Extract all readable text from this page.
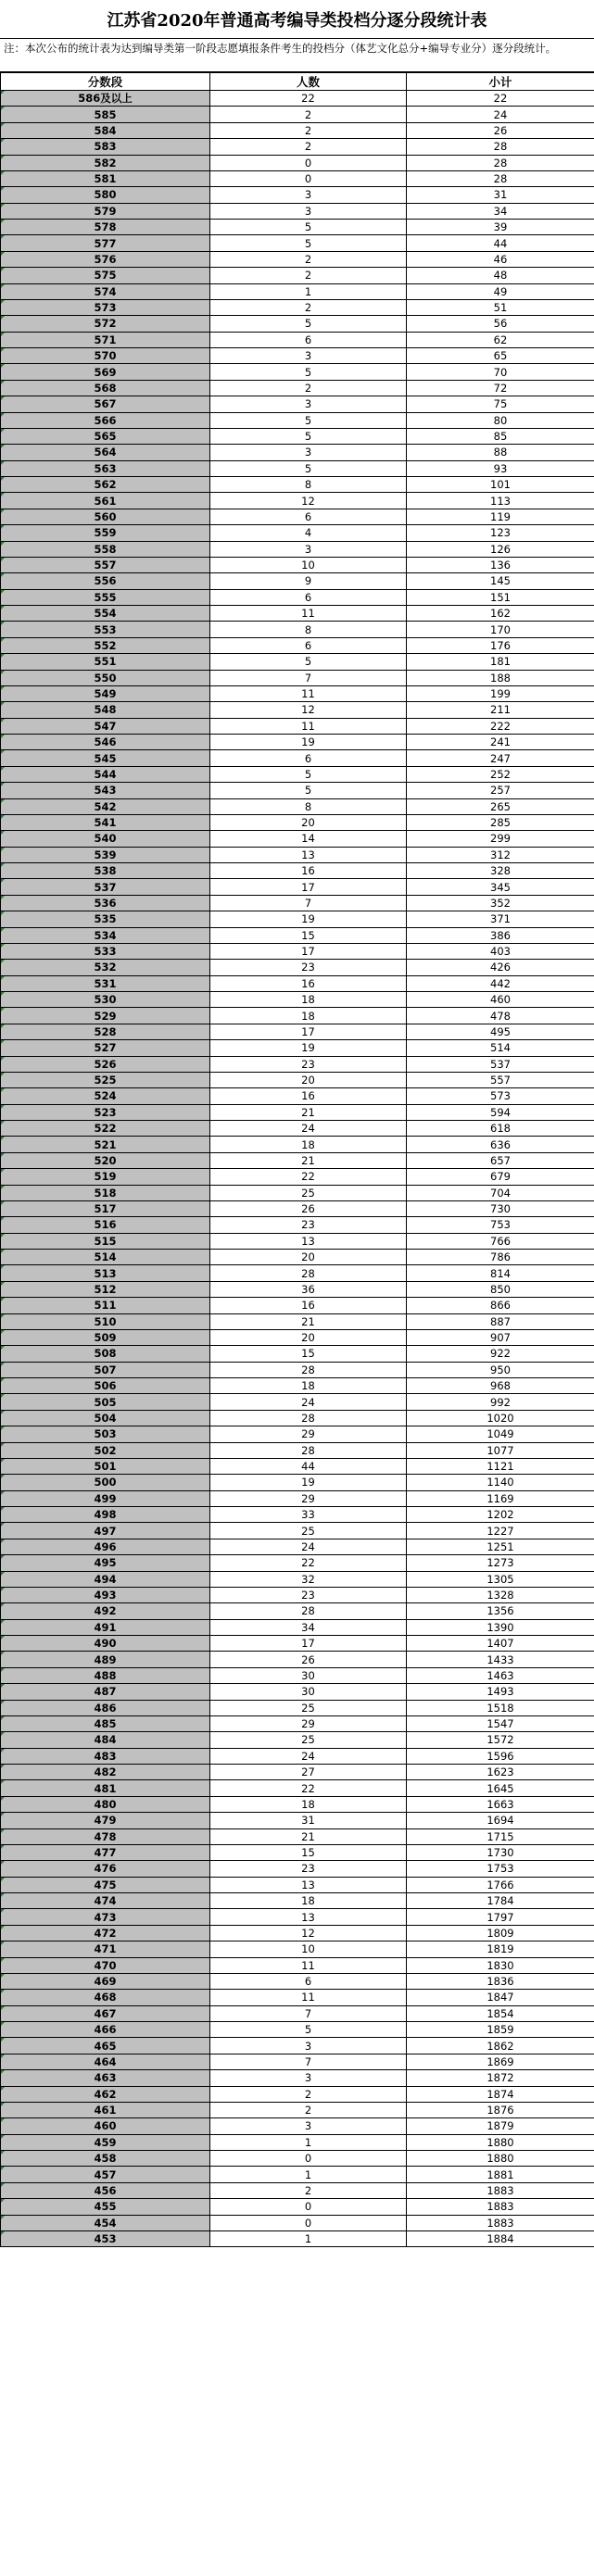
江苏省2020年普通高考编导类投档分逐分段统计表
注：本次公布的统计表为达到编导类第一阶段志愿填报条件考生的投档分（体艺文化总分+编导专业分）逐分段统计。
分数段	人数	小计
586及以上	22	22
585	2	24
584	2	26
583	2	28
582	0	28
581	0	28
580	3	31
579	3	34
578	5	39
577	5	44
576	2	46
575	2	48
574	1	49
573	2	51
572	5	56
571	6	62
570	3	65
569	5	70
568	2	72
567	3	75
566	5	80
565	5	85
564	3	88
563	5	93
562	8	101
561	12	113
560	6	119
559	4	123
558	3	126
557	10	136
556	9	145
555	6	151
554	11	162
553	8	170
552	6	176
551	5	181
550	7	188
549	11	199
548	12	211
547	11	222
546	19	241
545	6	247
544	5	252
543	5	257
542	8	265
541	20	285
540	14	299
539	13	312
538	16	328
537	17	345
536	7	352
535	19	371
534	15	386
533	17	403
532	23	426
531	16	442
530	18	460
529	18	478
528	17	495
527	19	514
526	23	537
525	20	557
524	16	573
523	21	594
522	24	618
521	18	636
520	21	657
519	22	679
518	25	704
517	26	730
516	23	753
515	13	766
514	20	786
513	28	814
512	36	850
511	16	866
510	21	887
509	20	907
508	15	922
507	28	950
506	18	968
505	24	992
504	28	1020
503	29	1049
502	28	1077
501	44	1121
500	19	1140
499	29	1169
498	33	1202
497	25	1227
496	24	1251
495	22	1273
494	32	1305
493	23	1328
492	28	1356
491	34	1390
490	17	1407
489	26	1433
488	30	1463
487	30	1493
486	25	1518
485	29	1547
484	25	1572
483	24	1596
482	27	1623
481	22	1645
480	18	1663
479	31	1694
478	21	1715
477	15	1730
476	23	1753
475	13	1766
474	18	1784
473	13	1797
472	12	1809
471	10	1819
470	11	1830
469	6	1836
468	11	1847
467	7	1854
466	5	1859
465	3	1862
464	7	1869
463	3	1872
462	2	1874
461	2	1876
460	3	1879
459	1	1880
458	0	1880
457	1	1881
456	2	1883
455	0	1883
454	0	1883
453	1	1884
